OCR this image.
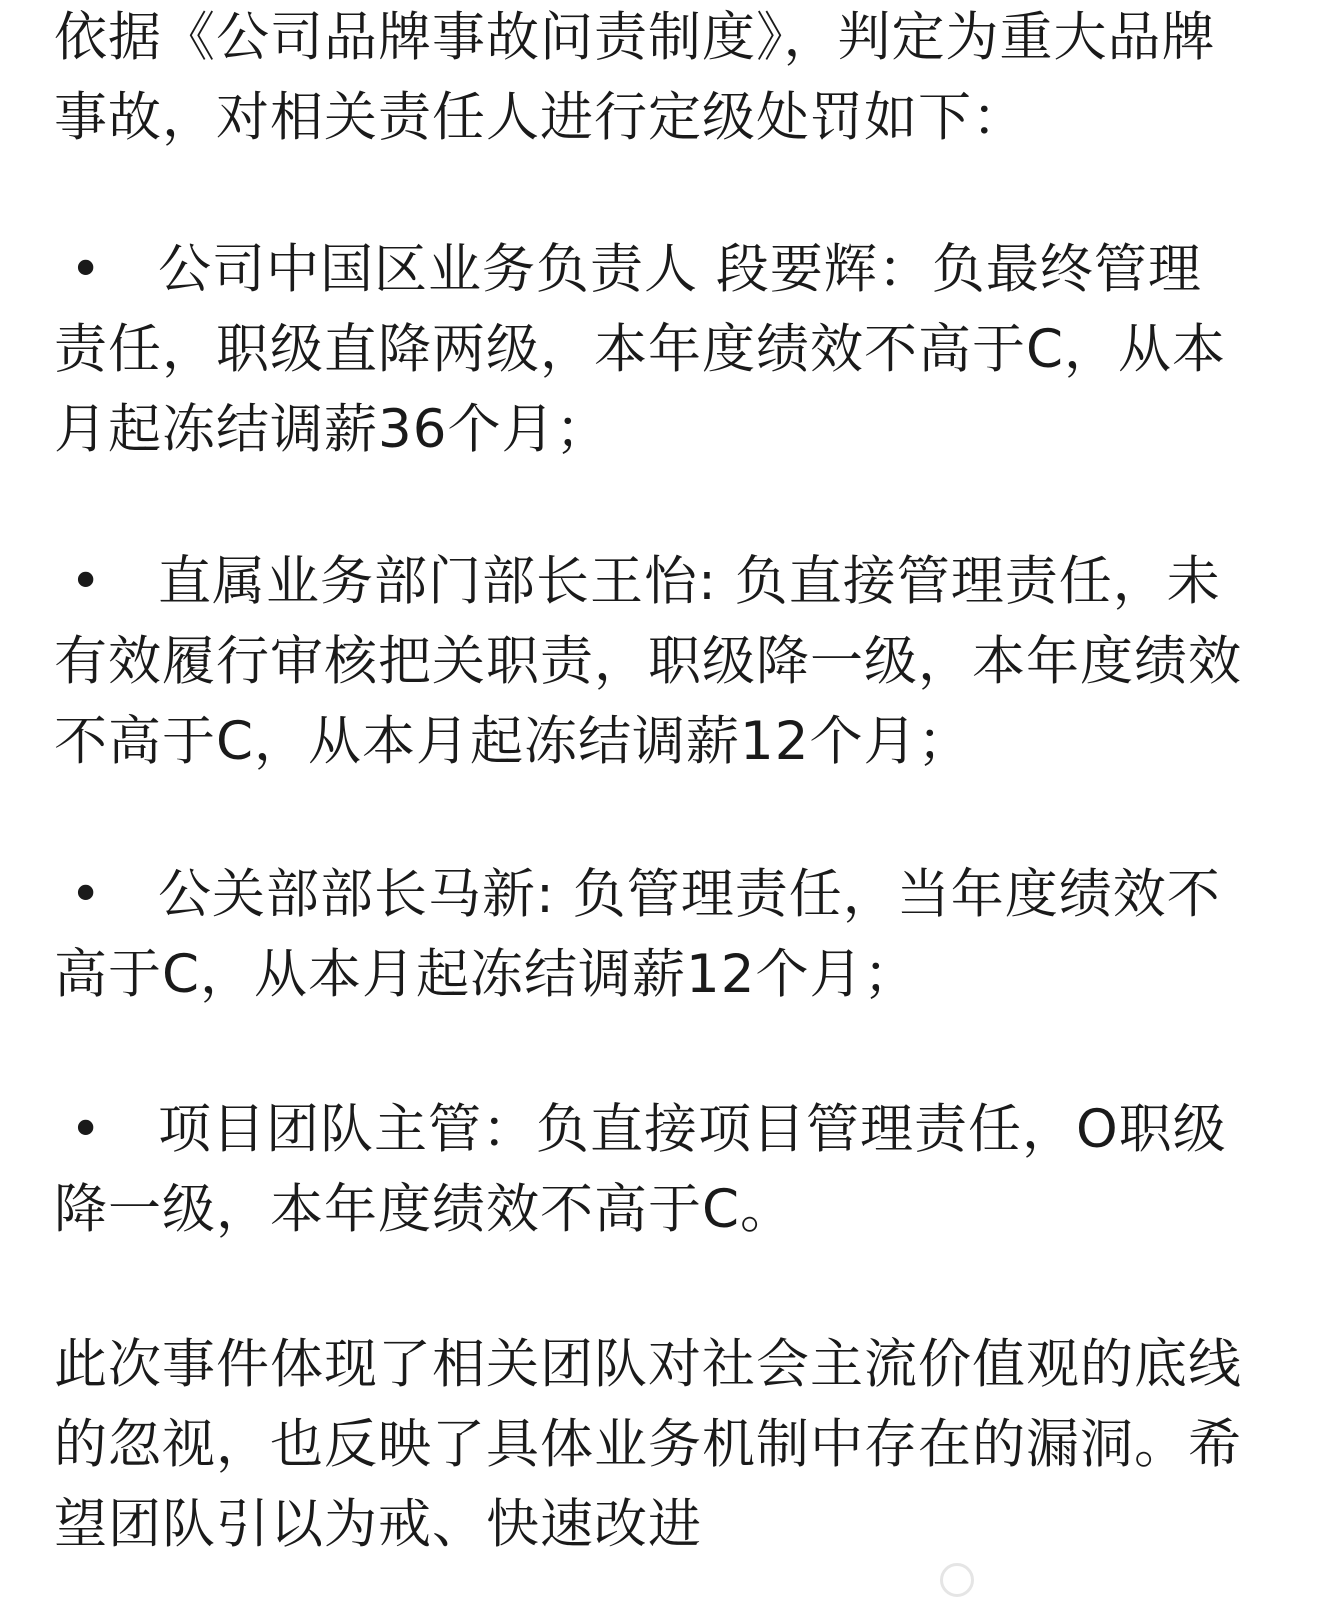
依据《公司品牌事故问责制度》，判定为重大品牌事故，对相关责任人进行定级处罚如下：

•	公司中国区业务负责人 段要辉：负最终管理责任，职级直降两级，本年度绩效不高于C，从本月起冻结调薪36个月；

•	直属业务部门部长王怡: 负直接管理责任，未有效履行审核把关职责，职级降一级，本年度绩效不高于C，从本月起冻结调薪12个月；

•	公关部部长马新: 负管理责任，当年度绩效不高于C，从本月起冻结调薪12个月；

•	项目团队主管：负直接项目管理责任，O职级降一级，本年度绩效不高于C。

此次事件体现了相关团队对社会主流价值观的底线的忽视，也反映了具体业务机制中存在的漏洞。希望团队引以为戒、快速改进
